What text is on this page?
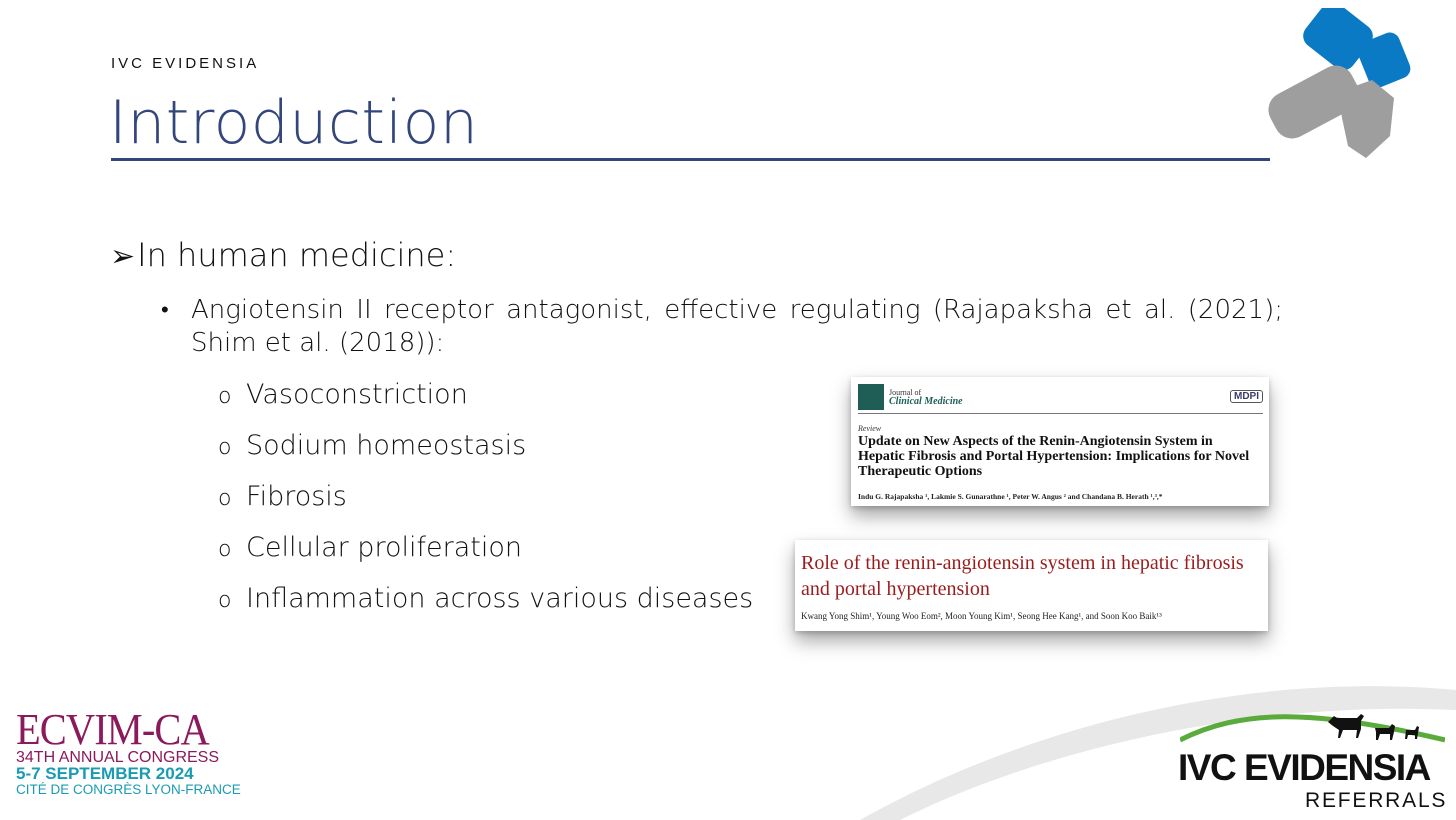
IVC EVIDENSIA
Introduction
➢In human medicine:
• Angiotensin II receptor antagonist, effective regulating (Rajapaksha et al. (2021); Shim et al. (2018)):
o Vasoconstriction
o Sodium homeostasis
o Fibrosis
o Cellular proliferation
o Inflammation across various diseases
Journal of
Clinical Medicine	MDPI
Review
Update on New Aspects of the Renin-Angiotensin System in Hepatic Fibrosis and Portal Hypertension: Implications for Novel Therapeutic Options
Indu G. Rajapaksha ¹, Lakmie S. Gunarathne ¹, Peter W. Angus ² and Chandana B. Herath ¹,³,*
Role of the renin-angiotensin system in hepatic fibrosis and portal hypertension
Kwang Yong Shim¹, Young Woo Eom², Moon Young Kim¹, Seong Hee Kang¹, and Soon Koo Baik¹³
ECVIM-CA
34TH ANNUAL CONGRESS
5-7 SEPTEMBER 2024
CITÉ DE CONGRÈS LYON-FRANCE
IVC EVIDENSIA
REFERRALS
